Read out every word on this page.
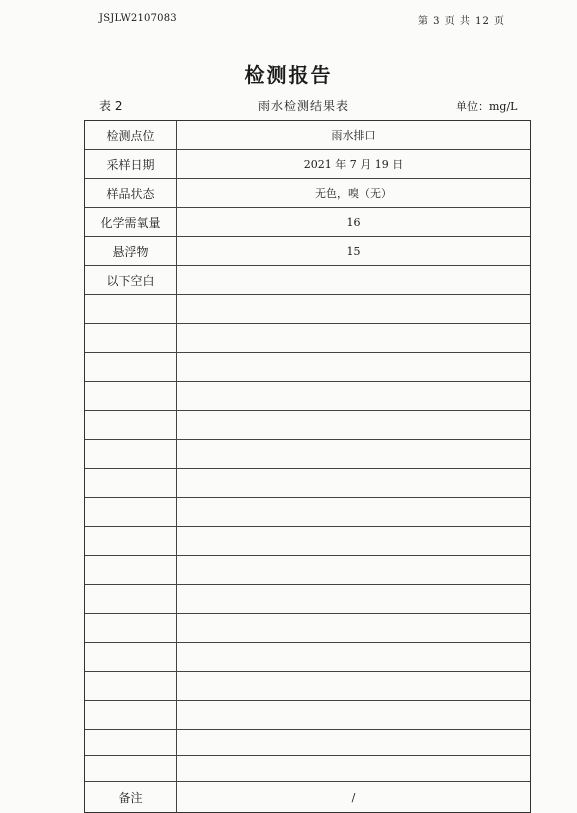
JSJLW2107083	第 3 页 共 12 页
检测报告
表 2	雨水检测结果表	单位：mg/L
检测点位	雨水排口
采样日期	2021 年 7 月 19 日
样品状态	无色，嗅（无）
化学需氧量	16
悬浮物	15
以下空白
备注	/
